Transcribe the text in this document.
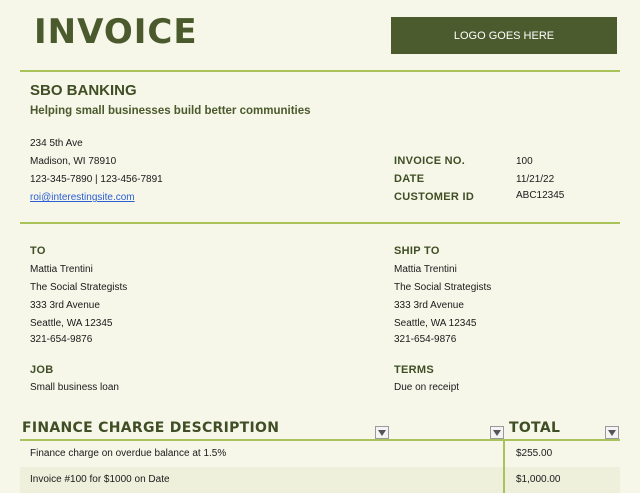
INVOICE	LOGO GOES HERE
SBO BANKING
Helping small businesses build better communities
234 5th Ave
Madison, WI 78910
123-345-7890 | 123-456-7891
roi@interestingsite.com
INVOICE NO.	100
DATE	11/21/22
CUSTOMER ID	ABC12345
TO
Mattia Trentini
The Social Strategists
333 3rd Avenue
Seattle, WA 12345
321-654-9876
SHIP TO
Mattia Trentini
The Social Strategists
333 3rd Avenue
Seattle, WA 12345
321-654-9876
JOB
Small business loan
TERMS
Due on receipt
FINANCE CHARGE DESCRIPTION	TOTAL
Finance charge on overdue balance at 1.5%	$255.00
Invoice #100 for $1000 on Date	$1,000.00
